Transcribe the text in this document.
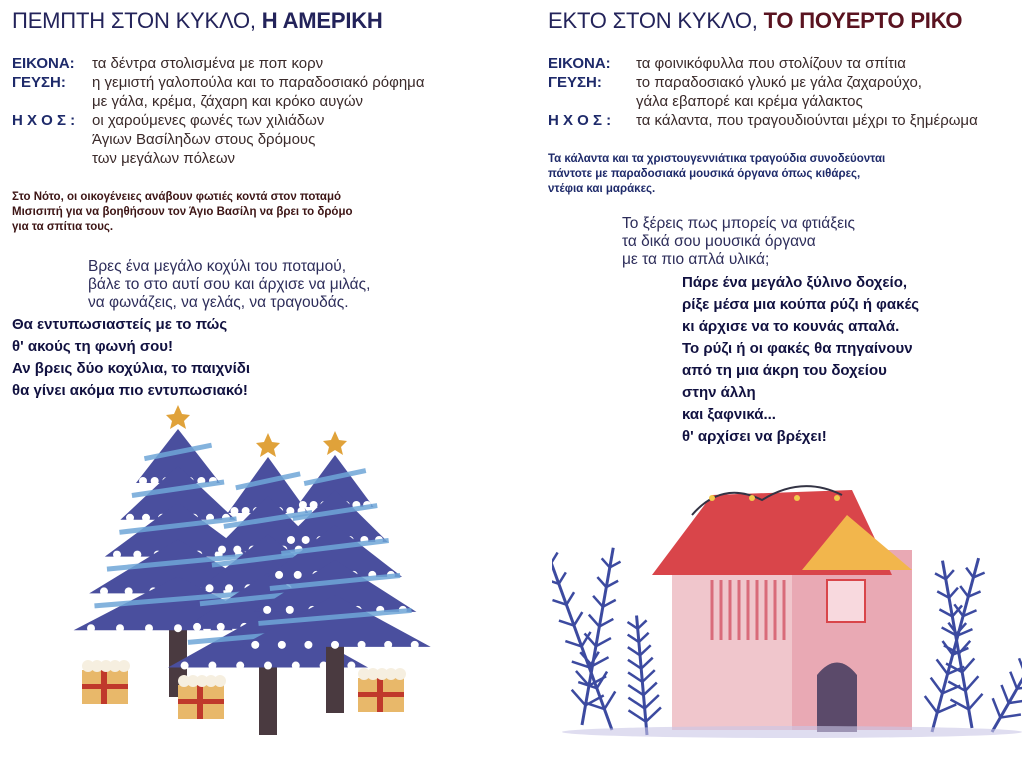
ΠΕΜΠΤΗ ΣΤΟΝ ΚΥΚΛΟ, Η ΑΜΕΡΙΚΗ
ΕΙΚΟΝΑ:	τα δέντρα στολισμένα με ποπ κορν
ΓΕΥΣΗ:	η γεμιστή γαλοπούλα και το παραδοσιακό ρόφημα
με γάλα, κρέμα, ζάχαρη και κρόκο αυγών
Η Χ Ο Σ :	οι χαρούμενες φωνές των χιλιάδων
Άγιων Βασίληδων στους δρόμους
των μεγάλων πόλεων
Στο Νότο, οι οικογένειες ανάβουν φωτιές κοντά στον ποταμό
Μισισιπή για να βοηθήσουν τον Άγιο Βασίλη να βρει το δρόμο
για τα σπίτια τους.
Βρες ένα μεγάλο κοχύλι του ποταμού,
βάλε το στο αυτί σου και άρχισε να μιλάς,
να φωνάζεις, να γελάς, να τραγουδάς.
Θα εντυπωσιαστείς με το πώς
θ' ακούς τη φωνή σου!
Αν βρεις δύο κοχύλια, το παιχνίδι
θα γίνει ακόμα πιο εντυπωσιακό!
ΕΚΤΟ ΣΤΟΝ ΚΥΚΛΟ, ΤΟ ΠΟΥΕΡΤΟ ΡΙΚΟ
ΕΙΚΟΝΑ:	τα φοινικόφυλλα που στολίζουν τα σπίτια
ΓΕΥΣΗ:	το παραδοσιακό γλυκό με γάλα ζαχαρούχο,
γάλα εβαπορέ και κρέμα γάλακτος
Η Χ Ο Σ :	τα κάλαντα, που τραγουδιούνται μέχρι το ξημέρωμα
Τα κάλαντα και τα χριστουγεννιάτικα τραγούδια συνοδεύονται
πάντοτε με παραδοσιακά μουσικά όργανα όπως κιθάρες,
ντέφια και μαράκες.
Το ξέρεις πως μπορείς να φτιάξεις
τα δικά σου μουσικά όργανα
με τα πιο απλά υλικά;
Πάρε ένα μεγάλο ξύλινο δοχείο,
ρίξε μέσα μια κούπα ρύζι ή φακές
κι άρχισε να το κουνάς απαλά.
Το ρύζι ή οι φακές θα πηγαίνουν
από τη μια άκρη του δοχείου
στην άλλη
και ξαφνικά...
θ' αρχίσει να βρέχει!
